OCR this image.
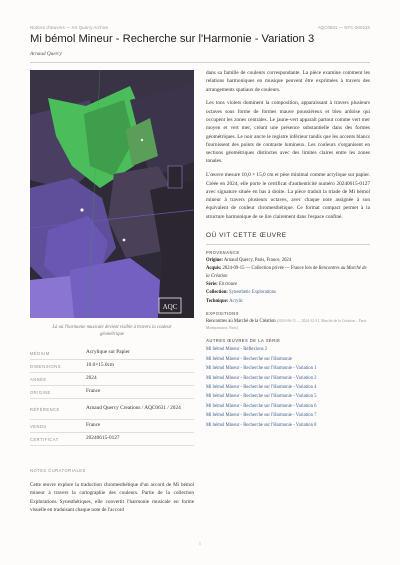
Notices d'œuvres — Art Quarry Archive	AQC0631 — NTC-000226
Mi bémol Mineur - Recherche sur l'Harmonie - Variation 3
Arnaud Quercy
AQC
Là où l'harmonie musicale devient visible à travers la couleur géométrique
MÉDIUM	Acrylique sur Papier
DIMENSIONS	10.0×15.0cm
ANNÉE	2024
ORIGINE	France
RÉFÉRENCE	Arnaud Quercy Creations / AQC0631 / 2024
VENDU	France
CERTIFICAT	20240615-0127
NOTES CURATORIALES
Cette œuvre explore la traduction chromesthétique d'un accord de Mi bémol mineur à travers la cartographie des couleurs. Partie de la collection Explorations Synesthétiques, elle convertit l'harmonie musicale en forme visuelle en traduisant chaque note de l'accord

dans sa famille de couleurs correspondante. La pièce examine comment les relations harmoniques en musique peuvent être exprimées à travers des arrangements spatiaux de couleurs.

Les tons violets dominent la composition, apparaissant à travers plusieurs octaves sous forme de formes mauve poussiéreux et bleu ardoise qui occupent les zones centrales. Le jaune-vert apparaît partout comme vert mer moyen et vert mer, créant une présence substantielle dans des formes géométriques. Le noir ancre le registre inférieur tandis que les accents blancs fournissent des points de contraste lumineux. Les couleurs s'organisent en sections géométriques distinctes avec des limites claires entre les zones tonales.

L'œuvre mesure 10,0 × 15,0 cm et pèse minimal comme acrylique sur papier. Créée en 2024, elle porte le certificat d'authenticité numéro 20240615-0127 avec signature située en bas à droite. La pièce traduit la triade de Mi bémol mineur à travers plusieurs octaves, avec chaque note assignée à son équivalent de couleur chromesthétique. Ce format compact permet à la structure harmonique de se lire clairement dans l'espace confiné.

OÙ VIT CETTE ŒUVRE
PROVENANCE
Origine: Arnaud Quercy, Paris, France, 2024
Acquis: 2024-09-15 — Collection privée — France lors de Rencontres au Marché de la Création
Série: En trouve
Collection: Synesthetic Explorations
Technique: Acrylic
EXPOSITIONS
Rencontres au Marché de la Création (2024-06-15 — 2024-12-31, Marché de la Création – Paris Montparnasse, Paris)
AUTRES ŒUVRES DE LA SÉRIE
Mi bémol Mineur - Réflexions 2
Mi bémol Mineur - Recherche sur l'Harmonie
Mi bémol Mineur - Recherche sur l'Harmonie - Variation 1
Mi bémol Mineur - Recherche sur l'Harmonie - Variation 2
Mi bémol Mineur - Recherche sur l'Harmonie - Variation 4
Mi bémol Mineur - Recherche sur l'Harmonie - Variation 5
Mi bémol Mineur - Recherche sur l'Harmonie - Variation 6
Mi bémol Mineur - Recherche sur l'Harmonie - Variation 7
Mi bémol Mineur - Recherche sur l'Harmonie - Variation 8
1
